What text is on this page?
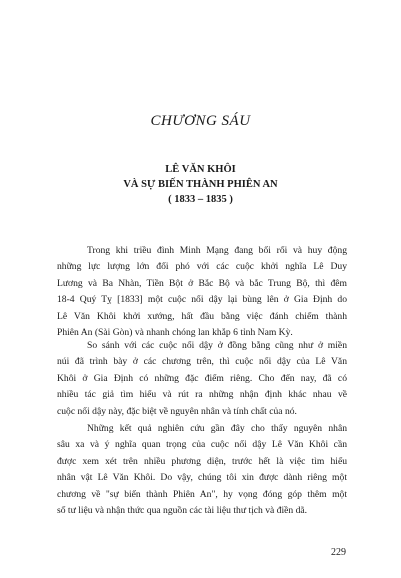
CHƯƠNG SÁU
LÊ VĂN KHÔI
VÀ SỰ BIẾN THÀNH PHIÊN AN
( 1833 – 1835 )

Trong khi triều đình Minh Mạng đang bối rối và huy động
những lực lượng lớn đối phó với các cuộc khởi nghĩa Lê Duy
Lương và Ba Nhàn, Tiền Bột ở Bắc Bộ và bắc Trung Bộ, thì đêm
18-4 Quý Tỵ [1833] một cuộc nổi dậy lại bùng lên ở Gia Định do
Lê Văn Khôi khởi xướng, hất đầu bằng việc đánh chiếm thành
Phiên An (Sài Gòn) và nhanh chóng lan khắp 6 tỉnh Nam Kỳ.

So sánh với các cuộc nổi dậy ở đồng bằng cũng như ở miền
núi đã trình bày ở các chương trên, thì cuộc nổi dậy của Lê Văn
Khôi ở Gia Định có những đặc điểm riêng. Cho đến nay, đã có
nhiều tác giả tìm hiểu và rút ra những nhận định khác nhau về
cuộc nổi dậy này, đặc biệt về nguyên nhân và tính chất của nó.

Những kết quả nghiên cứu gần đây cho thấy nguyên nhân
sâu xa và ý nghĩa quan trọng của cuộc nổi dậy Lê Văn Khôi cần
được xem xét trên nhiều phương diện, trước hết là việc tìm hiểu
nhân vật Lê Văn Khôi. Do vậy, chúng tôi xin được dành riêng một
chương về "sự biến thành Phiên An", hy vọng đóng góp thêm một
số tư liệu và nhận thức qua nguồn các tài liệu thư tịch và điền dã.

229
